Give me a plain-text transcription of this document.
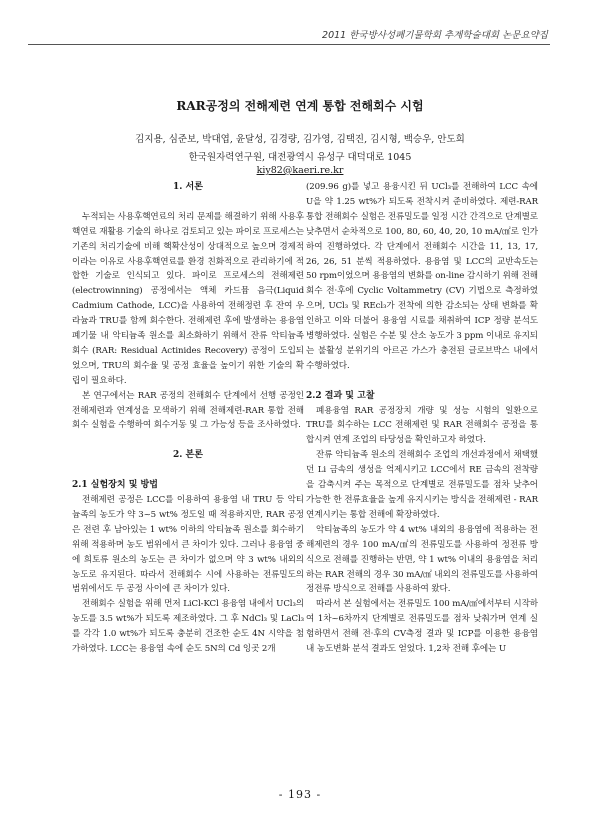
2011 한국방사성폐기물학회 추계학술대회 논문요약집
RAR공정의 전해제련 연계 통합 전해회수 시험
김지용, 심준보, 박대엽, 윤달성, 김경량, 김가영, 김택진, 김시형, 백승우, 안도희
한국원자력연구원, 대전광역시 유성구 대덕대로 1045
kiy82@kaeri.re.kr

1. 서론

누적되는 사용후핵연료의 처리 문제를 해결하기 위해 사용후핵연료 재활용 기술의 하나로 검토되고 있는 파이로 프로세스는 기존의 처리기술에 비해 핵확산성이 상대적으로 높으며 경제적이라는 이유로 사용후핵연료를 환경 친화적으로 관리하기에 적합한 기술로 인식되고 있다. 파이로 프로세스의 전해제련(electrowinning) 공정에서는 액체 카드뮴 음극(Liquid Cadmium Cathode, LCC)을 사용하여 전해정련 후 잔여 우라늄과 TRU를 함께 회수한다. 전해제련 후에 발생하는 용융염 폐기물 내 악티늄족 원소를 최소화하기 위해서 잔류 악티늄족 회수 (RAR: Residual Actinides Recovery) 공정이 도입되었으며, TRU의 회수율 및 공정 효율을 높이기 위한 기술의 확립이 필요하다.

본 연구에서는 RAR 공정의 전해회수 단계에서 선행 공정인 전해제련과 연계성을 모색하기 위해 전해제련-RAR 통합 전해회수 실험을 수행하여 회수거동 및 그 가능성 등을 조사하였다.

2. 본론

2.1 실험장치 및 방법

전해제련 공정은 LCC를 이용하여 용융염 내 TRU 등 악티늄족의 농도가 약 3~5 wt% 정도일 때 적용하지만, RAR 공정은 전련 후 남아있는 1 wt% 이하의 악티늄족 원소를 회수하기 위해 적용하며 농도 범위에서 큰 차이가 있다. 그러나 용융염 중에 희토류 원소의 농도는 큰 차이가 없으며 약 3 wt% 내외의 농도로 유지된다. 따라서 전해회수 시에 사용하는 전류밀도의 범위에서도 두 공정 사이에 큰 차이가 있다.

전해회수 실험을 위해 먼저 LiCl-KCl 용융염 내에서 UCl₃의 농도를 3.5 wt%가 되도록 제조하였다. 그 후 NdCl₃ 및 LaCl₃를 각각 1.0 wt%가 되도록 충분히 건조한 순도 4N 시약을 첨가하였다. LCC는 용융염 속에 순도 5N의 Cd 잉곳 2개

(209.96 g)를 넣고 용융시킨 뒤 UCl₃를 전해하여 LCC 속에 U을 약 1.25 wt%가 되도록 전착시켜 준비하였다. 제련-RAR 통합 전해회수 실험은 전류밀도를 일정 시간 간격으로 단계별로 낮추면서 순차적으로 100, 80, 60, 40, 20, 10 mA/㎠로 인가하여 진행하였다. 각 단계에서 전해회수 시간을 11, 13, 17, 26, 26, 51 분씩 적용하였다. 용융염 및 LCC의 교반속도는 50 rpm이었으며 용융염의 변화를 on-line 감시하기 위해 전해회수 전·후에 Cyclic Voltammetry (CV) 기법으로 측정하였으며, UCl₃ 및 REcl₃가 전착에 의한 감소되는 상태 변화를 확인하고 이와 더불어 용융염 시료를 채취하여 ICP 정량 분석도 병행하였다. 실험은 수분 및 산소 농도가 3 ppm 이내로 유지되는 불활성 분위기의 아르곤 가스가 충전된 글로브박스 내에서 수행하였다.

2.2 결과 및 고찰

폐용융염 RAR 공정장치 개량 및 성능 시험의 일환으로 TRU를 회수하는 LCC 전해제련 및 RAR 전해회수 공정을 통합시켜 연계 조업의 타당성을 확인하고자 하였다.

잔류 악티늄족 원소의 전해회수 조업의 개선과정에서 채택했던 Li 금속의 생성을 억제시키고 LCC에서 RE 금속의 전착량을 감축시켜 주는 목적으로 단계별로 전류밀도를 점차 낮추어 가능한 한 전류효율을 높게 유지시키는 방식을 전해제련 - RAR 연계시키는 통합 전해에 확장하였다.

악티늄족의 농도가 약 4 wt% 내외의 용융염에 적용하는 전해제련의 경우 100 mA/㎠의 전류밀도를 사용하여 정전류 방식으로 전해를 진행하는 반면, 약 1 wt% 이내의 용융염을 처리하는 RAR 전해의 경우 30 mA/㎠ 내외의 전류밀도를 사용하여 정전류 방식으로 전해를 사용하여 왔다.

따라서 본 실험에서는 전류밀도 100 mA/㎠에서부터 시작하여 1차~6차까지 단계별로 전류밀도를 점차 낮춰가며 연계 실험하면서 전해 전·후의 CV측정 결과 및 ICP를 이용한 용융염 내 농도변화 분석 결과도 얻었다. 1,2차 전해 후에는 U

- 193 -
